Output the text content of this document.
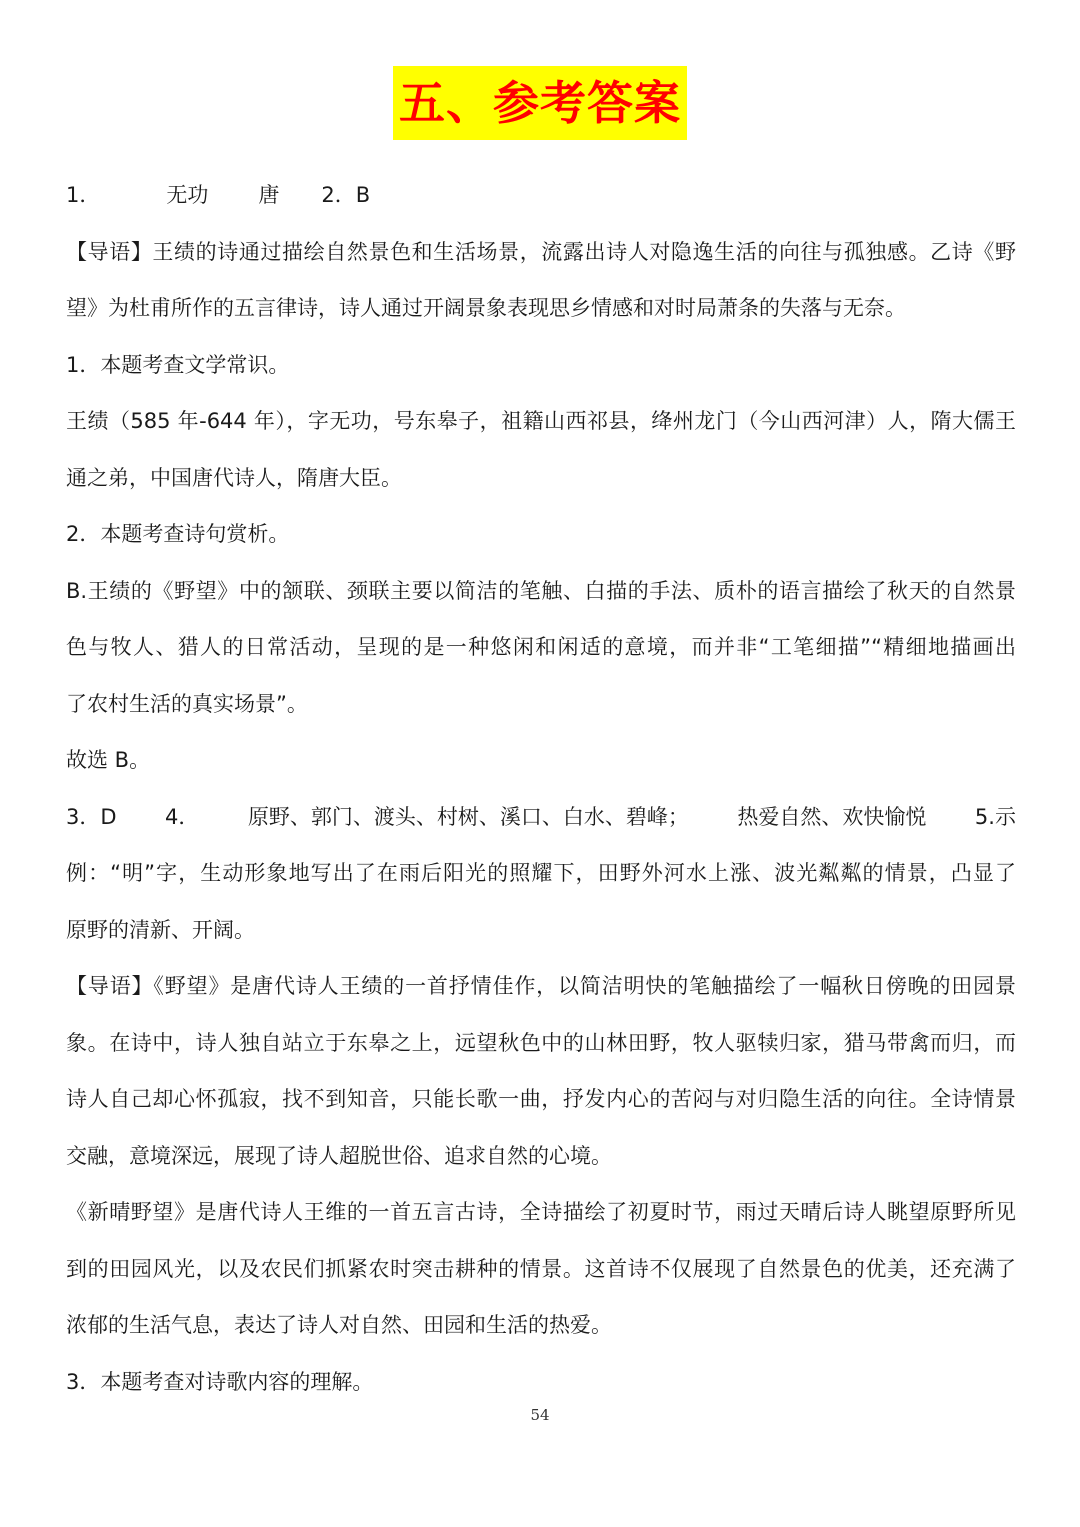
五、参考答案
1．	无功 唐 2．B
【导语】王绩的诗通过描绘自然景色和生活场景，流露出诗人对隐逸生活的向往与孤独感。乙诗《野
望》为杜甫所作的五言律诗，诗人通过开阔景象表现思乡情感和对时局萧条的失落与无奈。
1．本题考查文学常识。
王绩（585 年-644 年），字无功，号东皋子，祖籍山西祁县，绛州龙门（今山西河津）人，隋大儒王
通之弟，中国唐代诗人，隋唐大臣。
2．本题考查诗句赏析。
B.王绩的《野望》中的颔联、颈联主要以简洁的笔触、白描的手法、质朴的语言描绘了秋天的自然景
色与牧人、猎人的日常活动，呈现的是一种悠闲和闲适的意境，而并非“工笔细描”“精细地描画出
了农村生活的真实场景”。
故选 B。
3．D 4． 原野、郭门、渡头、村树、溪口、白水、碧峰； 热爱自然、欢快愉悦 5.示
例：“明”字，生动形象地写出了在雨后阳光的照耀下，田野外河水上涨、波光粼粼的情景，凸显了
原野的清新、开阔。
【导语】《野望》是唐代诗人王绩的一首抒情佳作，以简洁明快的笔触描绘了一幅秋日傍晚的田园景
象。在诗中，诗人独自站立于东皋之上，远望秋色中的山林田野，牧人驱犊归家，猎马带禽而归，而
诗人自己却心怀孤寂，找不到知音，只能长歌一曲，抒发内心的苦闷与对归隐生活的向往。全诗情景
交融，意境深远，展现了诗人超脱世俗、追求自然的心境。
《新晴野望》是唐代诗人王维的一首五言古诗，全诗描绘了初夏时节，雨过天晴后诗人眺望原野所见
到的田园风光，以及农民们抓紧农时突击耕种的情景。这首诗不仅展现了自然景色的优美，还充满了
浓郁的生活气息，表达了诗人对自然、田园和生活的热爱。
3．本题考查对诗歌内容的理解。
54
